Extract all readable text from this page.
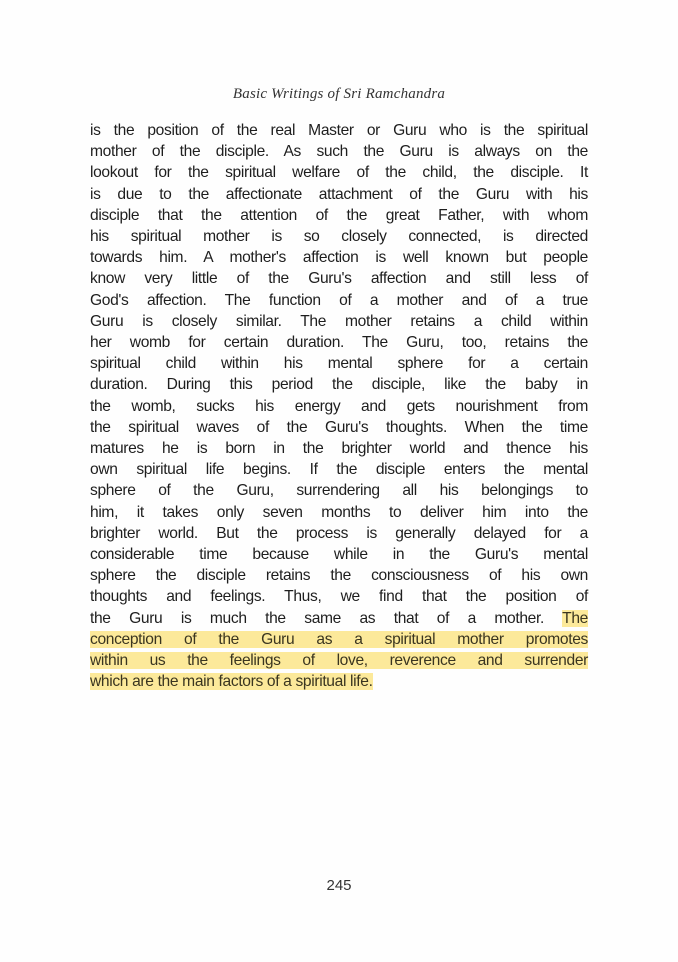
Basic Writings of Sri Ramchandra
is the position of the real Master or Guru who is the spiritual
mother of the disciple. As such the Guru is always on the
lookout for the spiritual welfare of the child, the disciple. It
is due to the affectionate attachment of the Guru with his
disciple that the attention of the great Father, with whom
his spiritual mother is so closely connected, is directed
towards him. A mother's affection is well known but people
know very little of the Guru's affection and still less of
God's affection. The function of a mother and of a true
Guru is closely similar. The mother retains a child within
her womb for certain duration. The Guru, too, retains the
spiritual child within his mental sphere for a certain
duration. During this period the disciple, like the baby in
the womb, sucks his energy and gets nourishment from
the spiritual waves of the Guru's thoughts. When the time
matures he is born in the brighter world and thence his
own spiritual life begins. If the disciple enters the mental
sphere of the Guru, surrendering all his belongings to
him, it takes only seven months to deliver him into the
brighter world. But the process is generally delayed for a
considerable time because while in the Guru's mental
sphere the disciple retains the consciousness of his own
thoughts and feelings. Thus, we find that the position of
the Guru is much the same as that of a mother. The
conception of the Guru as a spiritual mother promotes
within us the feelings of love, reverence and surrender
which are the main factors of a spiritual life.
245
